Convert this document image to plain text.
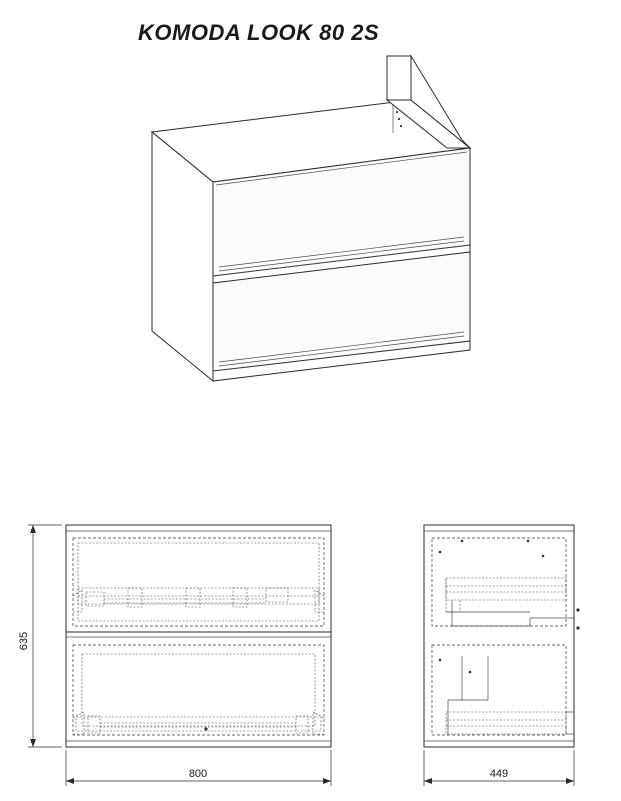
KOMODA LOOK 80 2S
635
800	449
